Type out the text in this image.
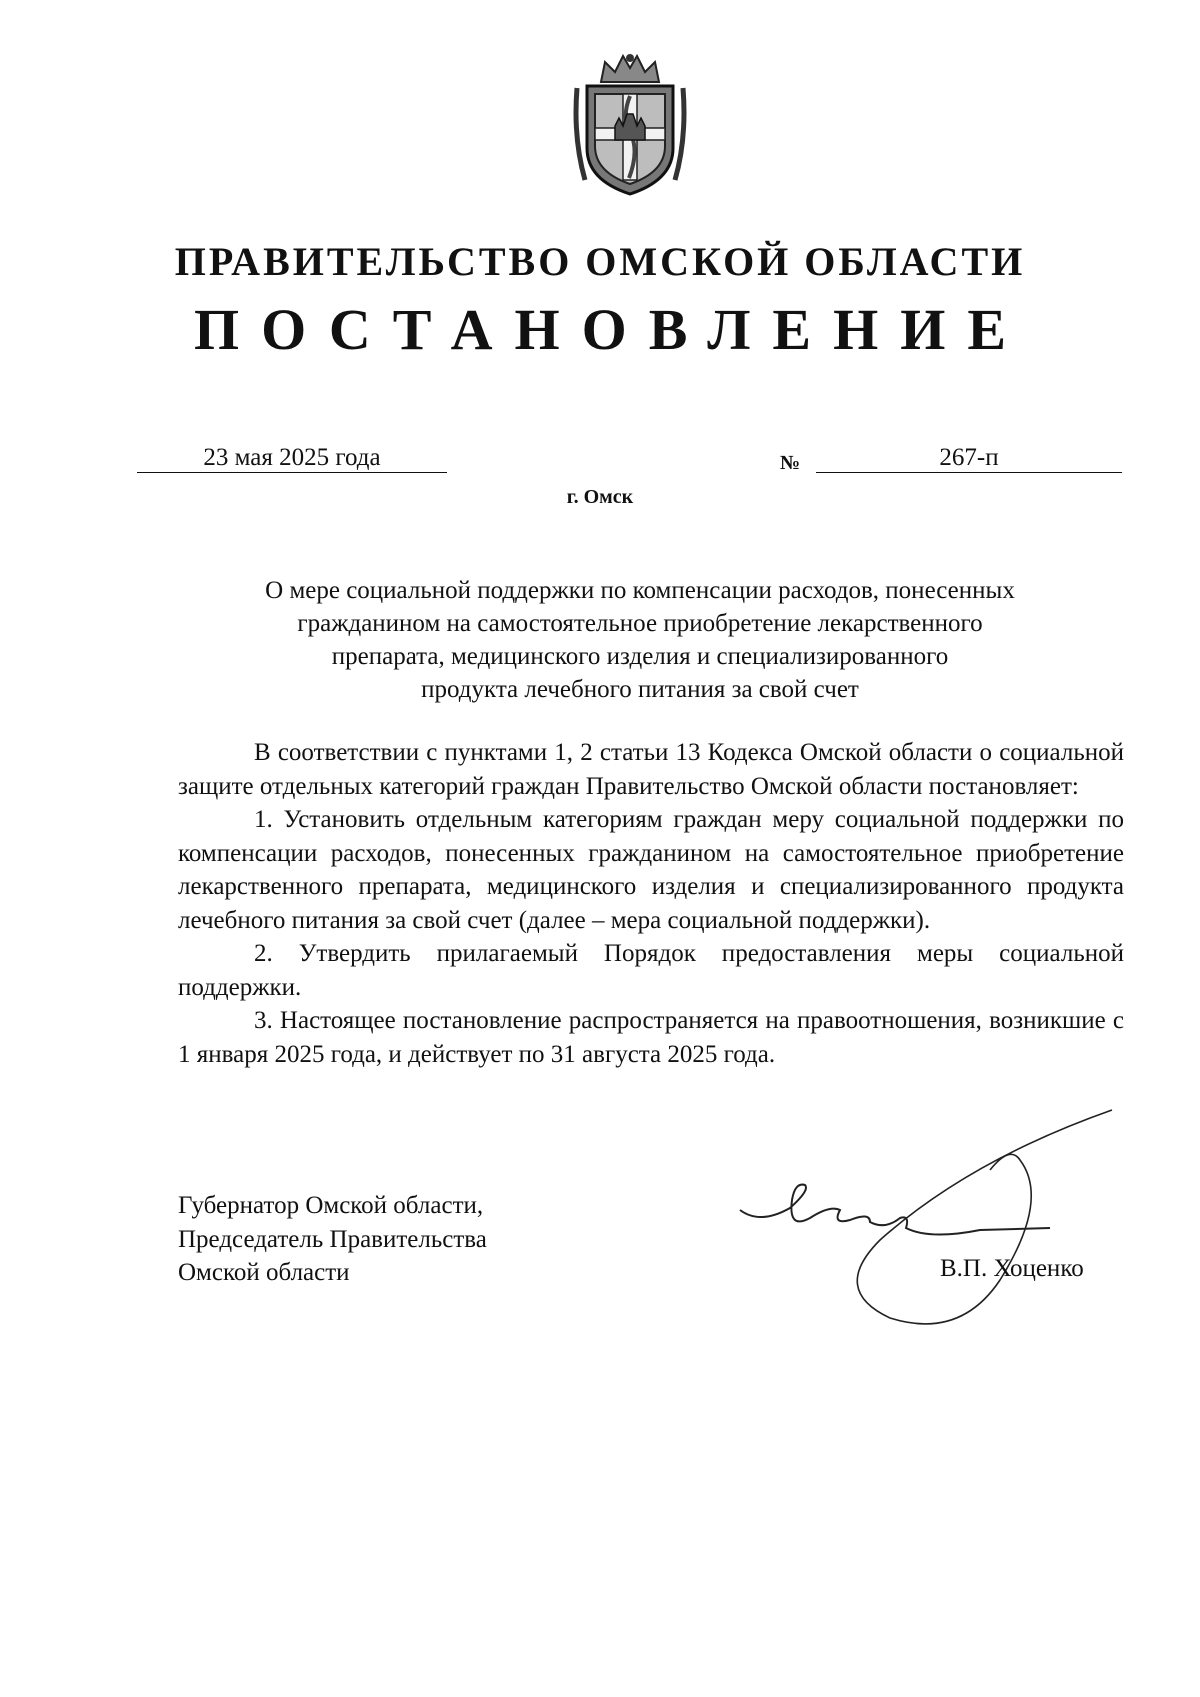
ПРАВИТЕЛЬСТВО ОМСКОЙ ОБЛАСТИ
ПОСТАНОВЛЕНИЕ
23 мая 2025 года	№	267-п
г. Омск
О мере социальной поддержки по компенсации расходов, понесенных
гражданином на самостоятельное приобретение лекарственного
препарата, медицинского изделия и специализированного
продукта лечебного питания за свой счет

В соответствии с пунктами 1, 2 статьи 13 Кодекса Омской области о социальной защите отдельных категорий граждан Правительство Омской области постановляет:

1. Установить отдельным категориям граждан меру социальной поддержки по компенсации расходов, понесенных гражданином на самостоятельное приобретение лекарственного препарата, медицинского изделия и специализированного продукта лечебного питания за свой счет (далее – мера социальной поддержки).

2. Утвердить прилагаемый Порядок предоставления меры социальной поддержки.

3. Настоящее постановление распространяется на правоотношения, возникшие с 1 января 2025 года, и действует по 31 августа 2025 года.

Губернатор Омской области,
Председатель Правительства
Омской области	В.П. Хоценко
